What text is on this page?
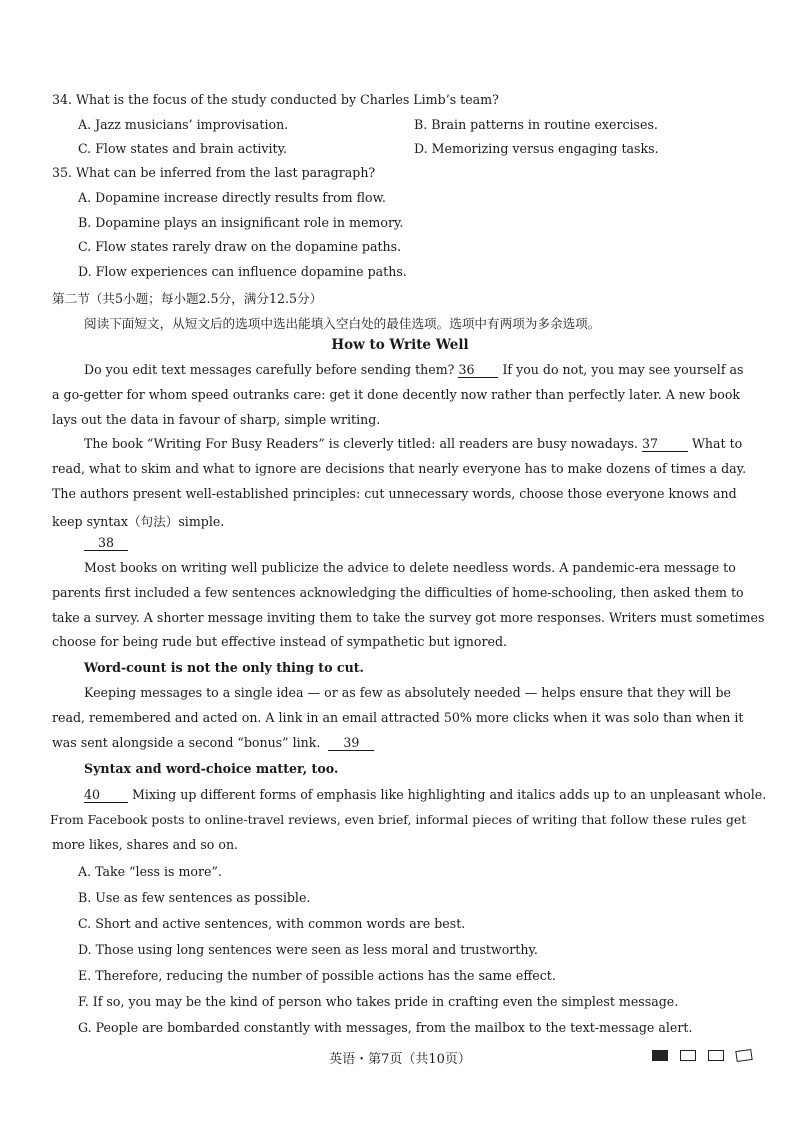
34. What is the focus of the study conducted by Charles Limb’s team?
A. Jazz musicians’ improvisation.	B. Brain patterns in routine exercises.
C. Flow states and brain activity.	D. Memorizing versus engaging tasks.
35. What can be inferred from the last paragraph?
A. Dopamine increase directly results from flow.
B. Dopamine plays an insignificant role in memory.
C. Flow states rarely draw on the dopamine paths.
D. Flow experiences can influence dopamine paths.
第二节（共5小题；每小题2.5分，满分12.5分）
阅读下面短文，从短文后的选项中选出能填入空白处的最佳选项。选项中有两项为多余选项。
How to Write Well
Do you edit text messages carefully before sending them? 36 If you do not, you may see yourself as
a go-getter for whom speed outranks care: get it done decently now rather than perfectly later. A new book
lays out the data in favour of sharp, simple writing.
The book “Writing For Busy Readers” is cleverly titled: all readers are busy nowadays. 37	What to
read, what to skim and what to ignore are decisions that nearly everyone has to make dozens of times a day.
The authors present well-established principles: cut unnecessary words, choose those everyone knows and
keep syntax（句法）simple.
38
Most books on writing well publicize the advice to delete needless words. A pandemic-era message to
parents first included a few sentences acknowledging the difficulties of home-schooling, then asked them to
take a survey. A shorter message inviting them to take the survey got more responses. Writers must sometimes
choose for being rude but effective instead of sympathetic but ignored.
Word-count is not the only thing to cut.
Keeping messages to a single idea — or as few as absolutely needed — helps ensure that they will be
read, remembered and acted on. A link in an email attracted 50% more clicks when it was solo than when it
was sent alongside a second “bonus” link. 39
Syntax and word-choice matter, too.
40	Mixing up different forms of emphasis like highlighting and italics adds up to an unpleasant whole.
From Facebook posts to online-travel reviews, even brief, informal pieces of writing that follow these rules get
more likes, shares and so on.
A. Take “less is more”.
B. Use as few sentences as possible.
C. Short and active sentences, with common words are best.
D. Those using long sentences were seen as less moral and trustworthy.
E. Therefore, reducing the number of possible actions has the same effect.
F. If so, you may be the kind of person who takes pride in crafting even the simplest message.
G. People are bombarded constantly with messages, from the mailbox to the text-message alert.
英语・第7页（共10页）
